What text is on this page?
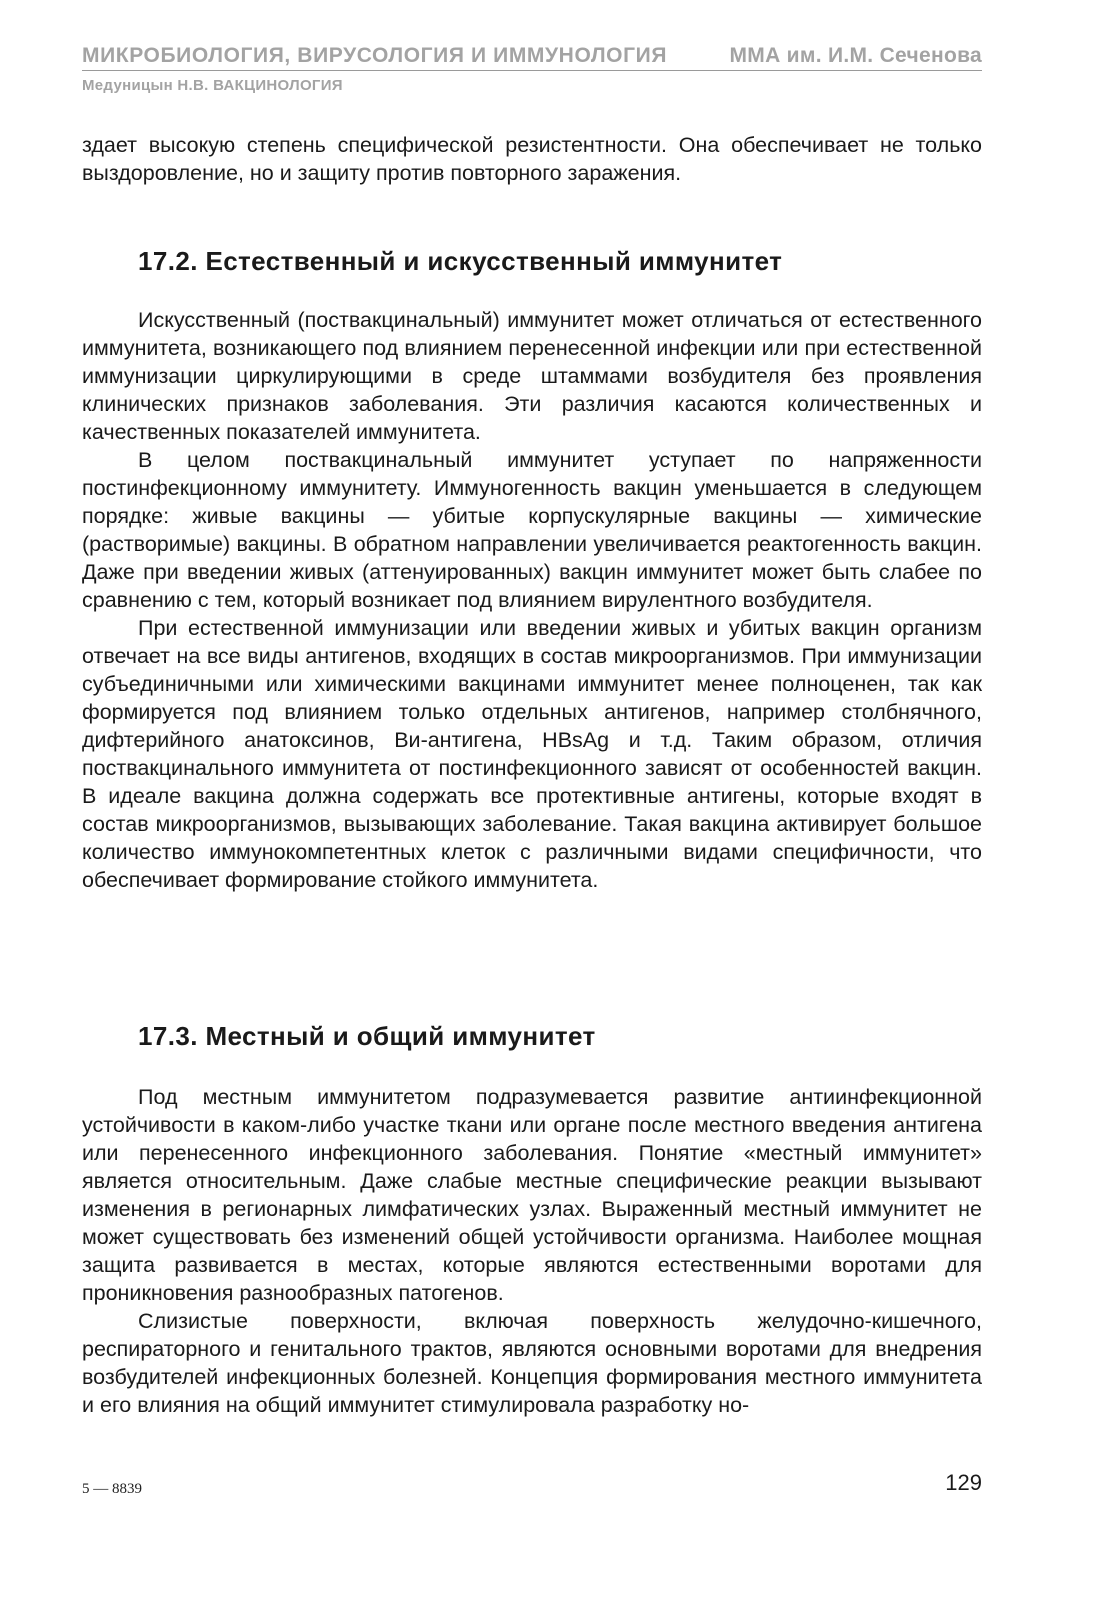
МИКРОБИОЛОГИЯ, ВИРУСОЛОГИЯ И ИММУНОЛОГИЯ	ММА им. И.М. Сеченова
Медуницын Н.В. ВАКЦИНОЛОГИЯ

здает высокую степень специфической резистентности. Она обеспечивает не только выздоровление, но и защиту против повторного заражения.

17.2. Естественный и искусственный иммунитет

Искусственный (поствакцинальный) иммунитет может отличаться от естественного иммунитета, возникающего под влиянием перенесенной инфекции или при естественной иммунизации циркулирующими в среде штаммами возбудителя без проявления клинических признаков заболевания. Эти различия касаются количественных и качественных показателей иммунитета.

В целом поствакцинальный иммунитет уступает по напряженности постинфекционному иммунитету. Иммуногенность вакцин уменьшается в следующем порядке: живые вакцины — убитые корпускулярные вакцины — химические (растворимые) вакцины. В обратном направлении увеличивается реактогенность вакцин. Даже при введении живых (аттенуированных) вакцин иммунитет может быть слабее по сравнению с тем, который возникает под влиянием вирулентного возбудителя.

При естественной иммунизации или введении живых и убитых вакцин организм отвечает на все виды антигенов, входящих в состав микроорганизмов. При иммунизации субъединичными или химическими вакцинами иммунитет менее полноценен, так как формируется под влиянием только отдельных антигенов, например столбнячного, дифтерийного анатоксинов, Ви-антигена, HBsAg и т.д. Таким образом, отличия поствакцинального иммунитета от постинфекционного зависят от особенностей вакцин. В идеале вакцина должна содержать все протективные антигены, которые входят в состав микроорганизмов, вызывающих заболевание. Такая вакцина активирует большое количество иммунокомпетентных клеток с различными видами специфичности, что обеспечивает формирование стойкого иммунитета.

17.3. Местный и общий иммунитет

Под местным иммунитетом подразумевается развитие антиинфекционной устойчивости в каком-либо участке ткани или органе после местного введения антигена или перенесенного инфекционного заболевания. Понятие «местный иммунитет» является относительным. Даже слабые местные специфические реакции вызывают изменения в регионарных лимфатических узлах. Выраженный местный иммунитет не может существовать без изменений общей устойчивости организма. Наиболее мощная защита развивается в местах, которые являются естественными воротами для проникновения разнообразных патогенов.

Слизистые поверхности, включая поверхность желудочно-кишечного, респираторного и генитального трактов, являются основными воротами для внедрения возбудителей инфекционных болезней. Концепция формирования местного иммунитета и его влияния на общий иммунитет стимулировала разработку но-

5 — 8839	129
